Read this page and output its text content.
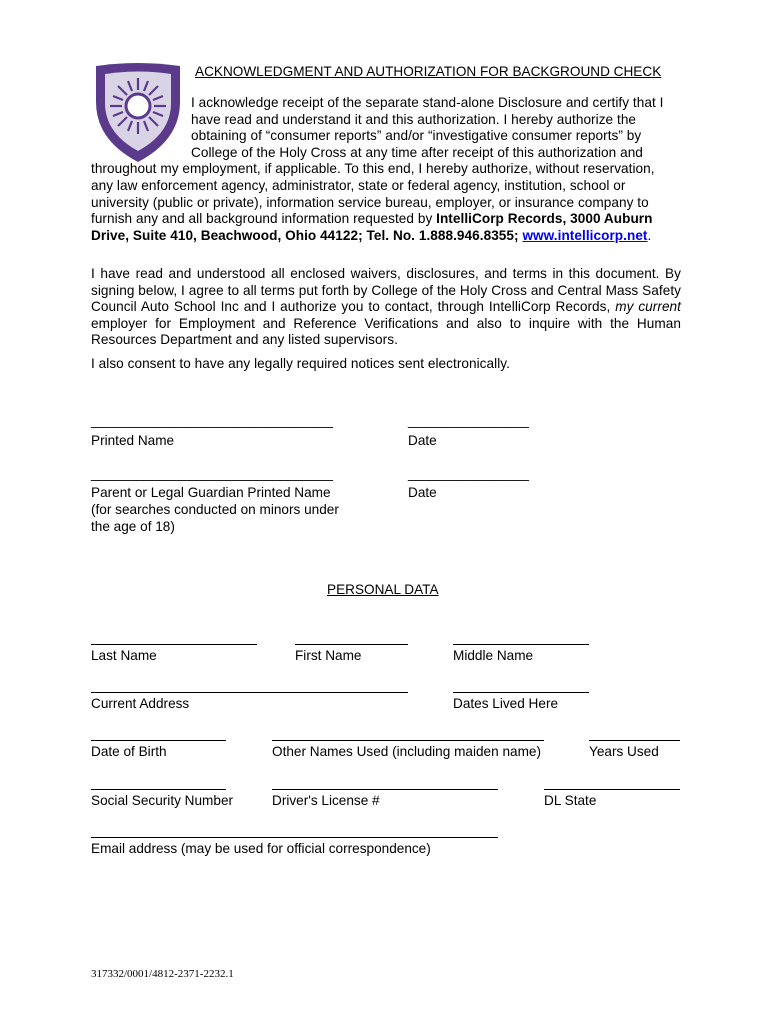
ACKNOWLEDGMENT AND AUTHORIZATION FOR BACKGROUND CHECK
I acknowledge receipt of the separate stand-alone Disclosure and certify that I
have read and understand it and this authorization. I hereby authorize the
obtaining of “consumer reports” and/or “investigative consumer reports” by
College of the Holy Cross at any time after receipt of this authorization and
throughout my employment, if applicable. To this end, I hereby authorize, without reservation, any law enforcement agency, administrator, state or federal agency, institution, school or university (public or private), information service bureau, employer, or insurance company to furnish any and all background information requested by IntelliCorp Records, 3000 Auburn Drive, Suite 410, Beachwood, Ohio 44122; Tel. No. 1.888.946.8355; www.intellicorp.net.
I have read and understood all enclosed waivers, disclosures, and terms in this document. By signing below, I agree to all terms put forth by College of the Holy Cross and Central Mass Safety Council Auto School Inc and I authorize you to contact, through IntelliCorp Records, my current employer for Employment and Reference Verifications and also to inquire with the Human Resources Department and any listed supervisors.
I also consent to have any legally required notices sent electronically.
________________________________	________________
Printed Name	Date
________________________________	________________
Parent or Legal Guardian Printed Name
(for searches conducted on minors under
the age of 18)
Date
PERSONAL DATA
Last Name	First Name	Middle Name
Current Address	Dates Lived Here
Date of Birth	Other Names Used (including maiden name)	Years Used
Social Security Number	Driver's License #	DL State
Email address (may be used for official correspondence)
317332/0001/4812-2371-2232.1
